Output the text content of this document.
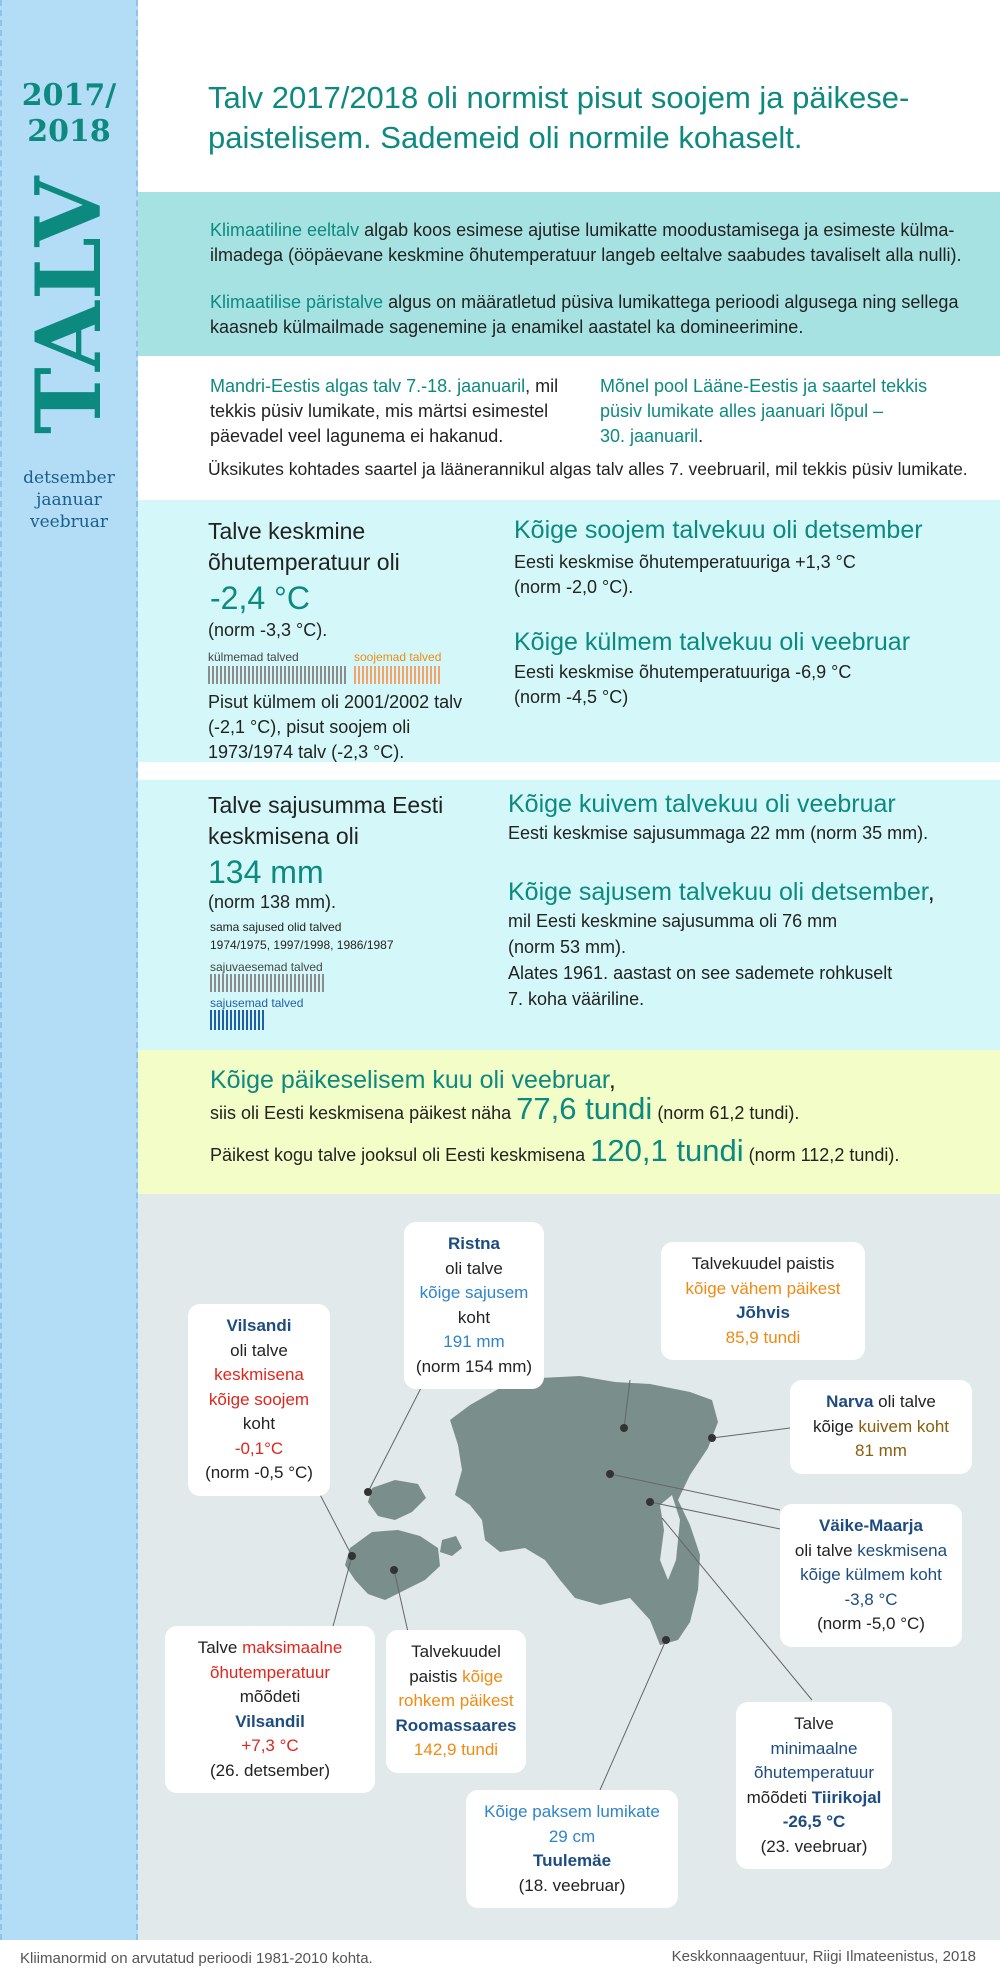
2017/
2018
TALV
detsember
jaanuar
veebruar
Talv 2017/2018 oli normist pisut soojem ja päikese-
paistelisem. Sademeid oli normile kohaselt.
Klimaatiline eeltalv algab koos esimese ajutise lumikatte moodustamisega ja esimeste külma-
ilmadega (ööpäevane keskmine õhutemperatuur langeb eeltalve saabudes tavaliselt alla nulli).
Klimaatilise päristalve algus on määratletud püsiva lumikattega perioodi algusega ning sellega
kaasneb külmailmade sagenemine ja enamikel aastatel ka domineerimine.
Mandri-Eestis algas talv 7.-18. jaanuaril, mil
tekkis püsiv lumikate, mis märtsi esimestel
päevadel veel lagunema ei hakanud.
Mõnel pool Lääne-Eestis ja saartel tekkis
püsiv lumikate alles jaanuari lõpul –
30. jaanuaril.
Üksikutes kohtades saartel ja läänerannikul algas talv alles 7. veebruaril, mil tekkis püsiv lumikate.
Talve keskmine
õhutemperatuur oli
-2,4 °C
(norm -3,3 °C).
külmemad talved	soojemad talved
Pisut külmem oli 2001/2002 talv
(-2,1 °C), pisut soojem oli
1973/1974 talv (-2,3 °C).
Kõige soojem talvekuu oli detsember
Eesti keskmise õhutemperatuuriga +1,3 °C
(norm -2,0 °C).
Kõige külmem talvekuu oli veebruar
Eesti keskmise õhutemperatuuriga -6,9 °C
(norm -4,5 °C)
Talve sajusumma Eesti
keskmisena oli
134 mm
(norm 138 mm).
sama sajused olid talved
1974/1975, 1997/1998, 1986/1987
sajuvaesemad talved
sajusemad talved
Kõige kuivem talvekuu oli veebruar
Eesti keskmise sajusummaga 22 mm (norm 35 mm).
Kõige sajusem talvekuu oli detsember,
mil Eesti keskmine sajusumma oli 76 mm
(norm 53 mm).
Alates 1961. aastast on see sademete rohkuselt
7. koha vääriline.
Kõige päikeselisem kuu oli veebruar,
siis oli Eesti keskmisena päikest näha 77,6 tundi (norm 61,2 tundi).
Päikest kogu talve jooksul oli Eesti keskmisena 120,1 tundi (norm 112,2 tundi).
Ristna
oli talve
kõige sajusem
koht
191 mm
(norm 154 mm)
Talvekuudel paistis
kõige vähem päikest
Jõhvis
85,9 tundi
Vilsandi
oli talve
keskmisena
kõige soojem
koht
-0,1°C
(norm -0,5 °C)
Narva oli talve
kõige kuivem koht
81 mm
Väike-Maarja
oli talve keskmisena
kõige külmem koht
-3,8 °C
(norm -5,0 °C)
Talve maksimaalne
õhutemperatuur
mõõdeti
Vilsandil
+7,3 °C
(26. detsember)
Talvekuudel
paistis kõige
rohkem päikest
Roomassaares
142,9 tundi
Talve
minimaalne
õhutemperatuur
mõõdeti Tiirikojal
-26,5 °C
(23. veebruar)
Kõige paksem lumikate
29 cm
Tuulemäe
(18. veebruar)
Kliimanormid on arvutatud perioodi 1981-2010 kohta.	Keskkonnaagentuur, Riigi Ilmateenistus, 2018
